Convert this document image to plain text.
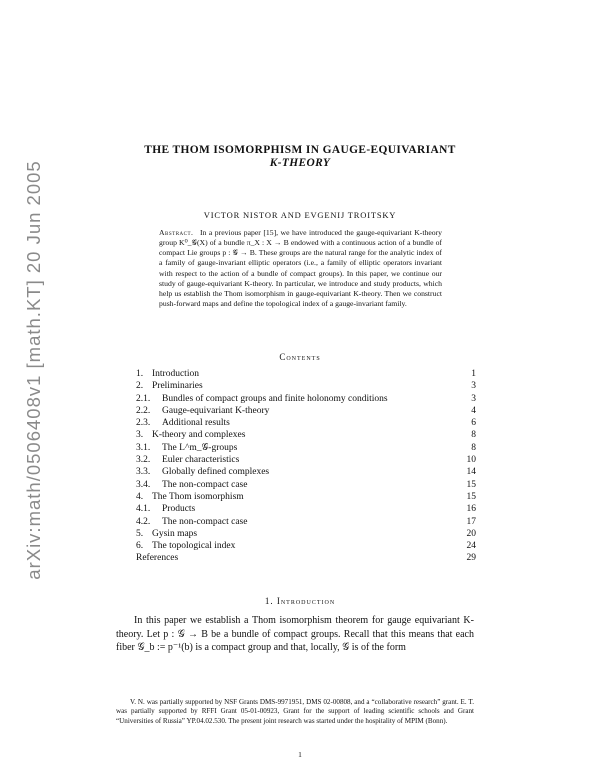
arXiv:math/0506408v1 [math.KT] 20 Jun 2005
THE THOM ISOMORPHISM IN GAUGE-EQUIVARIANT
K-THEORY
VICTOR NISTOR AND EVGENIJ TROITSKY
Abstract. In a previous paper [15], we have introduced the gauge-equivariant K-theory group K⁰_𝒢(X) of a bundle π_X : X → B endowed with a continuous action of a bundle of compact Lie groups p : 𝒢 → B. These groups are the natural range for the analytic index of a family of gauge-invariant elliptic operators (i.e., a family of elliptic operators invariant with respect to the action of a bundle of compact groups). In this paper, we continue our study of gauge-equivariant K-theory. In particular, we introduce and study products, which help us establish the Thom isomorphism in gauge-equivariant K-theory. Then we construct push-forward maps and define the topological index of a gauge-invariant family.
Contents
1. Introduction	1
2. Preliminaries	3
2.1. Bundles of compact groups and finite holonomy conditions	3
2.2. Gauge-equivariant K-theory	4
2.3. Additional results	6
3. K-theory and complexes	8
3.1. The L^m_𝒢-groups	8
3.2. Euler characteristics	10
3.3. Globally defined complexes	14
3.4. The non-compact case	15
4. The Thom isomorphism	15
4.1. Products	16
4.2. The non-compact case	17
5. Gysin maps	20
6. The topological index	24
References	29
1. Introduction

In this paper we establish a Thom isomorphism theorem for gauge equivariant K-theory. Let p : 𝒢 → B be a bundle of compact groups. Recall that this means that each fiber 𝒢_b := p⁻¹(b) is a compact group and that, locally, 𝒢 is of the form

V. N. was partially supported by NSF Grants DMS-9971951, DMS 02-00808, and a “collaborative research” grant. E. T. was partially supported by RFFI Grant 05-01-00923, Grant for the support of leading scientific schools and Grant “Universities of Russia” YP.04.02.530. The present joint research was started under the hospitality of MPIM (Bonn).

1
